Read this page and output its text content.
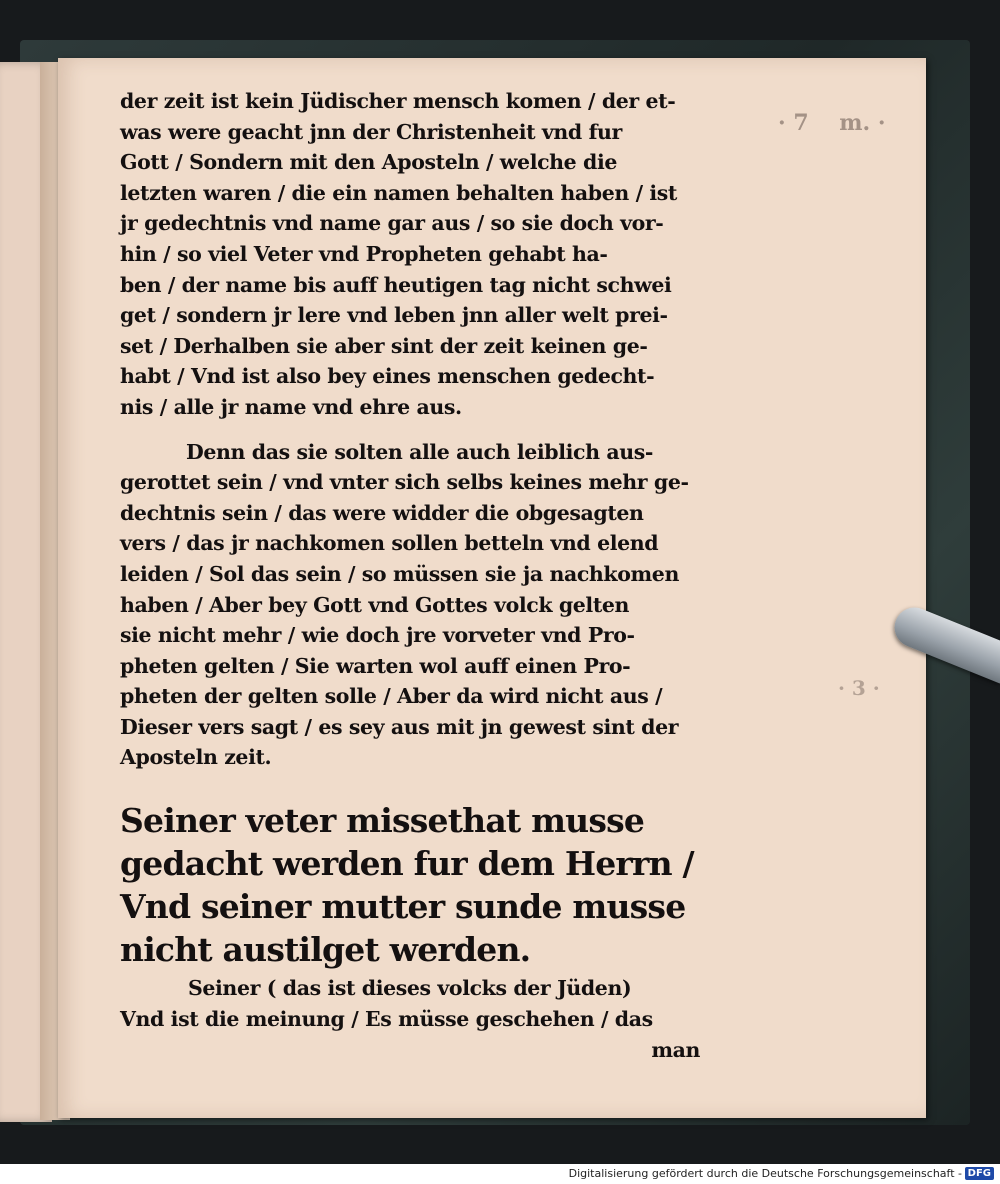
· 7    m. ·
· 3 ·

der zeit ist kein Jüdischer mensch komen / der et-
was were geacht jnn der Christenheit vnd fur
Gott / Sondern mit den Aposteln / welche die
letzten waren / die ein namen behalten haben / ist
jr gedechtnis vnd name gar aus / so sie doch vor-
hin / so viel Veter vnd Propheten gehabt ha-
ben / der name bis auff heutigen tag nicht schwei
get / sondern jr lere vnd leben jnn aller welt prei-
set / Derhalben sie aber sint der zeit keinen ge-
habt / Vnd ist also bey eines menschen gedecht-
nis / alle jr name vnd ehre aus.

Denn das sie solten alle auch leiblich aus-
gerottet sein / vnd vnter sich selbs keines mehr ge-
dechtnis sein / das were widder die obgesagten
vers / das jr nachkomen sollen betteln vnd elend
leiden / Sol das sein / so müssen sie ja nachkomen
haben / Aber bey Gott vnd Gottes volck gelten
sie nicht mehr / wie doch jre vorveter vnd Pro-
pheten gelten / Sie warten wol auff einen Pro-
pheten der gelten solle / Aber da wird nicht aus /
Dieser vers sagt / es sey aus mit jn gewest sint der
Aposteln zeit.

Seiner veter missethat musse
gedacht werden fur dem Herrn /
Vnd seiner mutter sunde musse
nicht austilget werden.
Seiner ( das ist dieses volcks der Jüden)
Vnd ist die meinung / Es müsse geschehen / das
man
Digitalisierung gefördert durch die Deutsche Forschungsgemeinschaft - DFG
